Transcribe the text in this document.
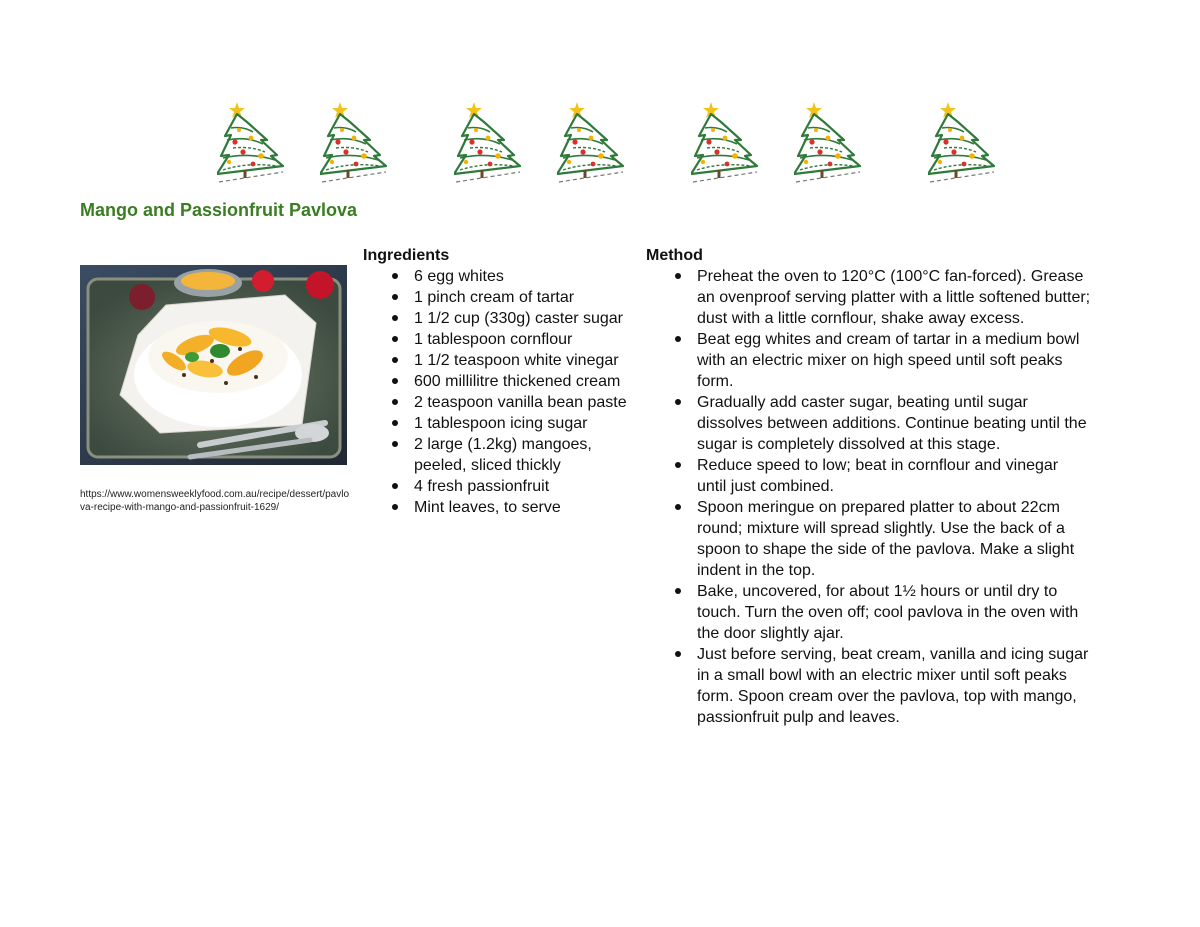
Mango and Passionfruit Pavlova
https://www.womensweeklyfood.com.au/recipe/dessert/pavlova-recipe-with-mango-and-passionfruit-1629/
Ingredients
6 egg whites
1 pinch cream of tartar
1 1/2 cup (330g) caster sugar
1 tablespoon cornflour
1 1/2 teaspoon white vinegar
600 millilitre thickened cream
2 teaspoon vanilla bean paste
1 tablespoon icing sugar
2 large (1.2kg) mangoes, peeled, sliced thickly
4 fresh passionfruit
Mint leaves, to serve
Method
Preheat the oven to 120°C (100°C fan-forced). Grease an ovenproof serving platter with a little softened butter; dust with a little cornflour, shake away excess.
Beat egg whites and cream of tartar in a medium bowl with an electric mixer on high speed until soft peaks form.
Gradually add caster sugar, beating until sugar dissolves between additions. Continue beating until the sugar is completely dissolved at this stage.
Reduce speed to low; beat in cornflour and vinegar until just combined.
Spoon meringue on prepared platter to about 22cm round; mixture will spread slightly. Use the back of a spoon to shape the side of the pavlova. Make a slight indent in the top.
Bake, uncovered, for about 1½ hours or until dry to touch. Turn the oven off; cool pavlova in the oven with the door slightly ajar.
Just before serving, beat cream, vanilla and icing sugar in a small bowl with an electric mixer until soft peaks form. Spoon cream over the pavlova, top with mango, passionfruit pulp and leaves.
